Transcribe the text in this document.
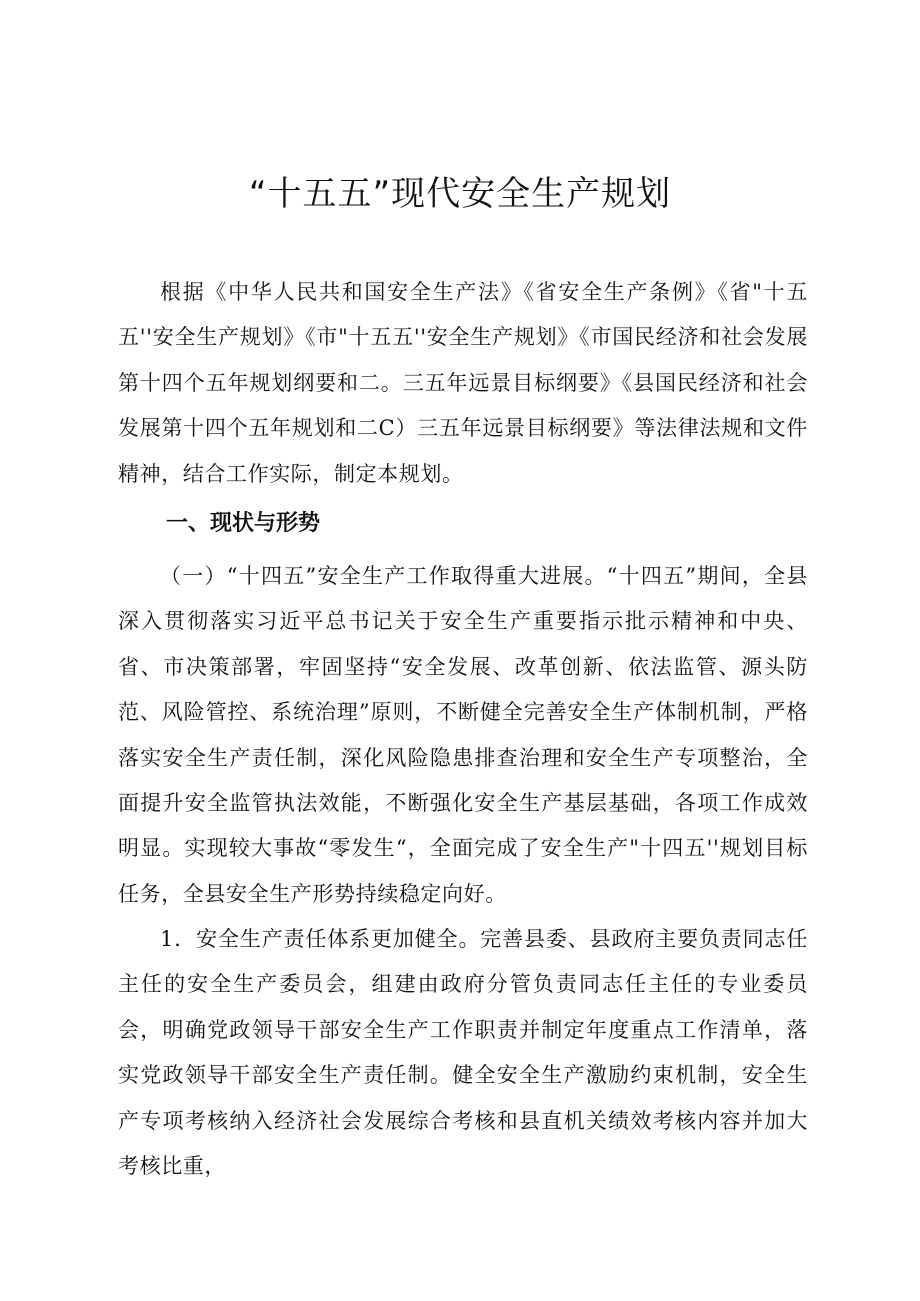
“十五五”现代安全生产规划

根据《中华人民共和国安全生产法》《省安全生产条例》《省"十五五''安全生产规划》《市"十五五''安全生产规划》《市国民经济和社会发展第十四个五年规划纲要和二。三五年远景目标纲要》《县国民经济和社会发展第十四个五年规划和二C）三五年远景目标纲要》等法律法规和文件精神，结合工作实际，制定本规划。

一、现状与形势

（一）“十四五”安全生产工作取得重大进展。“十四五”期间，全县深入贯彻落实习近平总书记关于安全生产重要指示批示精神和中央、省、市决策部署，牢固坚持“安全发展、改革创新、依法监管、源头防范、风险管控、系统治理”原则，不断健全完善安全生产体制机制，严格落实安全生产责任制，深化风险隐患排查治理和安全生产专项整治，全面提升安全监管执法效能，不断强化安全生产基层基础，各项工作成效明显。实现较大事故“零发生“，全面完成了安全生产"十四五''规划目标任务，全县安全生产形势持续稳定向好。

1．安全生产责任体系更加健全。完善县委、县政府主要负责同志任主任的安全生产委员会，组建由政府分管负责同志任主任的专业委员会，明确党政领导干部安全生产工作职责并制定年度重点工作清单，落实党政领导干部安全生产责任制。健全安全生产激励约束机制，安全生产专项考核纳入经济社会发展综合考核和县直机关绩效考核内容并加大考核比重，
